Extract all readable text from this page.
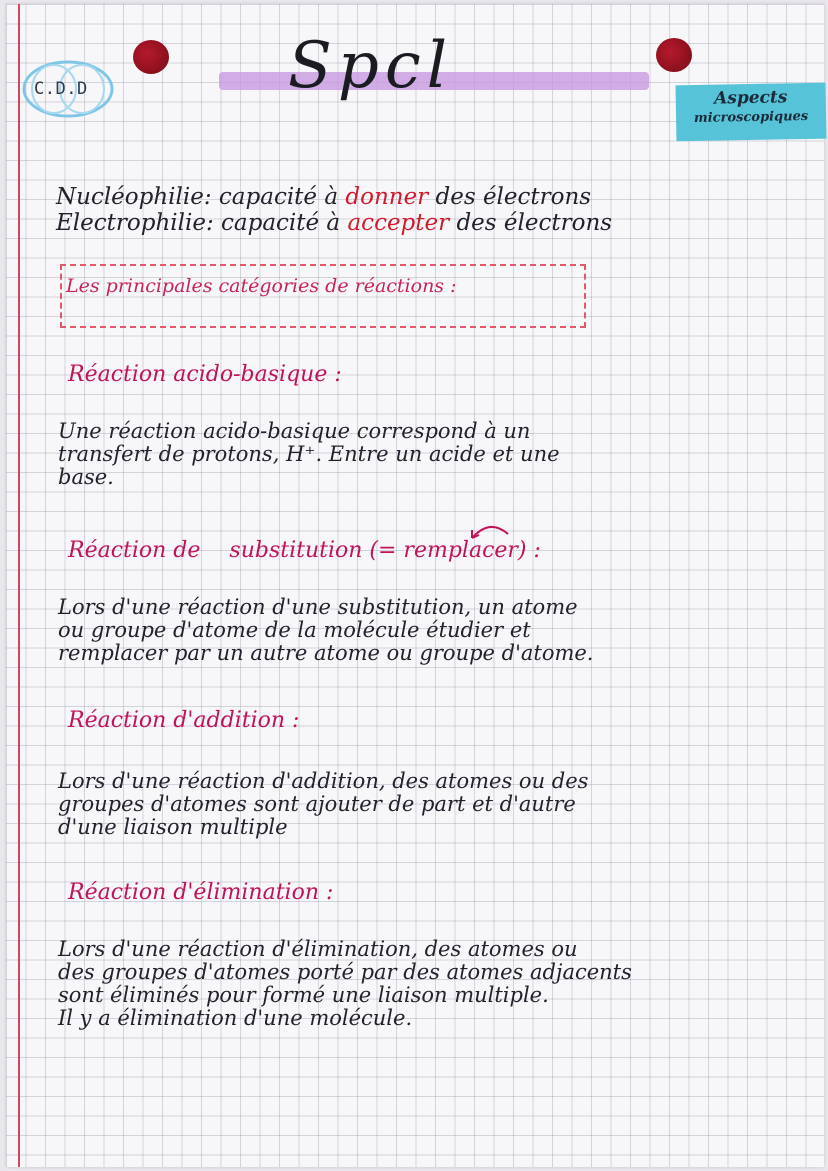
C.D.D	Spcl	Aspects
microscopiques
Nucléophilie: capacité à donner des électrons
Electrophilie: capacité à accepter des électrons
Les principales catégories de réactions :
Réaction acido-basique :
Une réaction acido-basique correspond à un
transfert de protons, H⁺. Entre un acide et une
base.
Réaction de substitution (= remplacer) :
Lors d'une réaction d'une substitution, un atome
ou groupe d'atome de la molécule étudier et
remplacer par un autre atome ou groupe d'atome.
Réaction d'addition :
Lors d'une réaction d'addition, des atomes ou des
groupes d'atomes sont ajouter de part et d'autre
d'une liaison multiple
Réaction d'élimination :
Lors d'une réaction d'élimination, des atomes ou
des groupes d'atomes porté par des atomes adjacents
sont éliminés pour formé une liaison multiple.
Il y a élimination d'une molécule.
